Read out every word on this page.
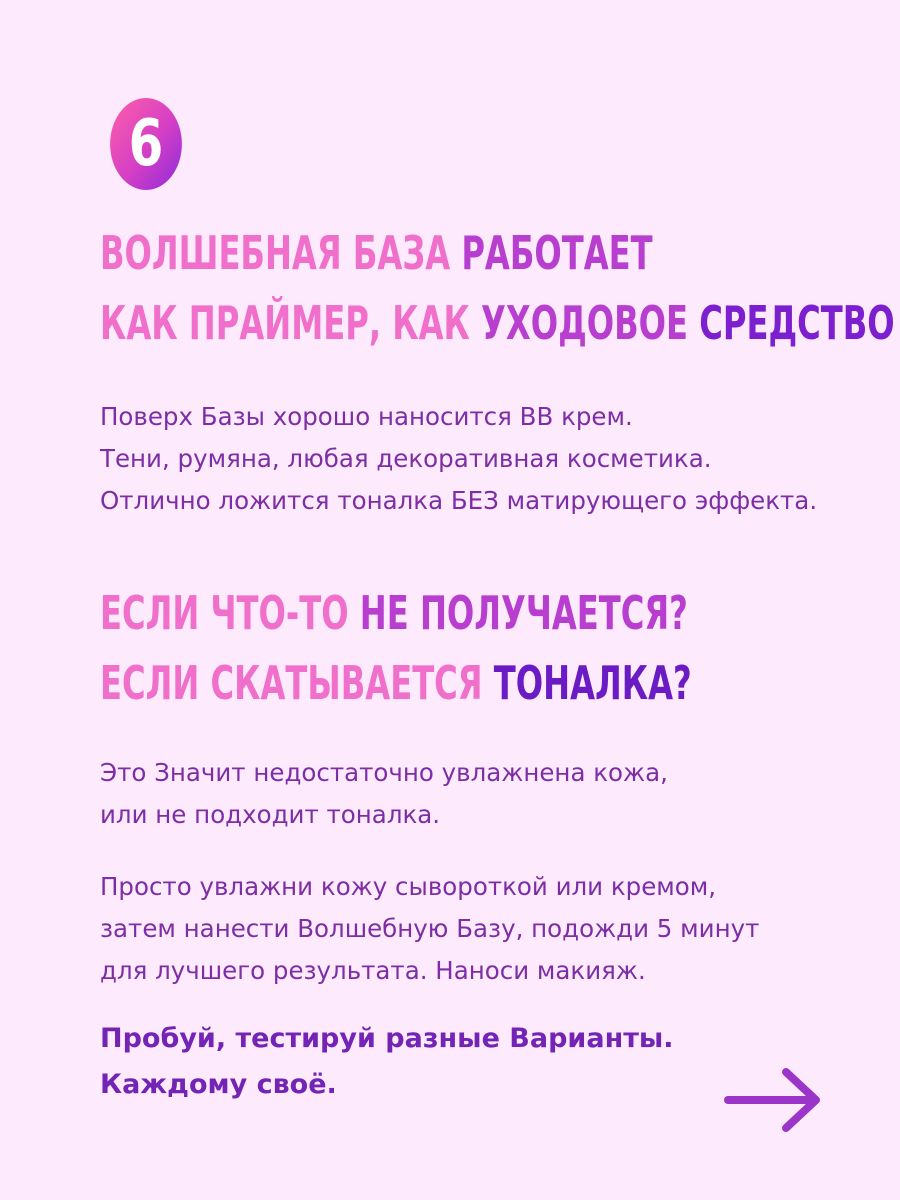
6
ВОЛШЕБНАЯ БАЗА РАБОТАЕТ
КАК ПРАЙМЕР, КАК УХОДОВОЕ СРЕДСТВО

Поверх Базы хорошо наносится ВВ крем.
Тени, румяна, любая декоративная косметика.
Отлично ложится тоналка БЕЗ матирующего эффекта.

ЕСЛИ ЧТО-ТО НЕ ПОЛУЧАЕТСЯ?
ЕСЛИ СКАТЫВАЕТСЯ ТОНАЛКА?

Это Значит недостаточно увлажнена кожа,
или не подходит тоналка.

Просто увлажни кожу сывороткой или кремом,
затем нанести Волшебную Базу, подожди 5 минут
для лучшего результата. Наноси макияж.

Пробуй, тестируй разные Варианты.
Каждому своё.
